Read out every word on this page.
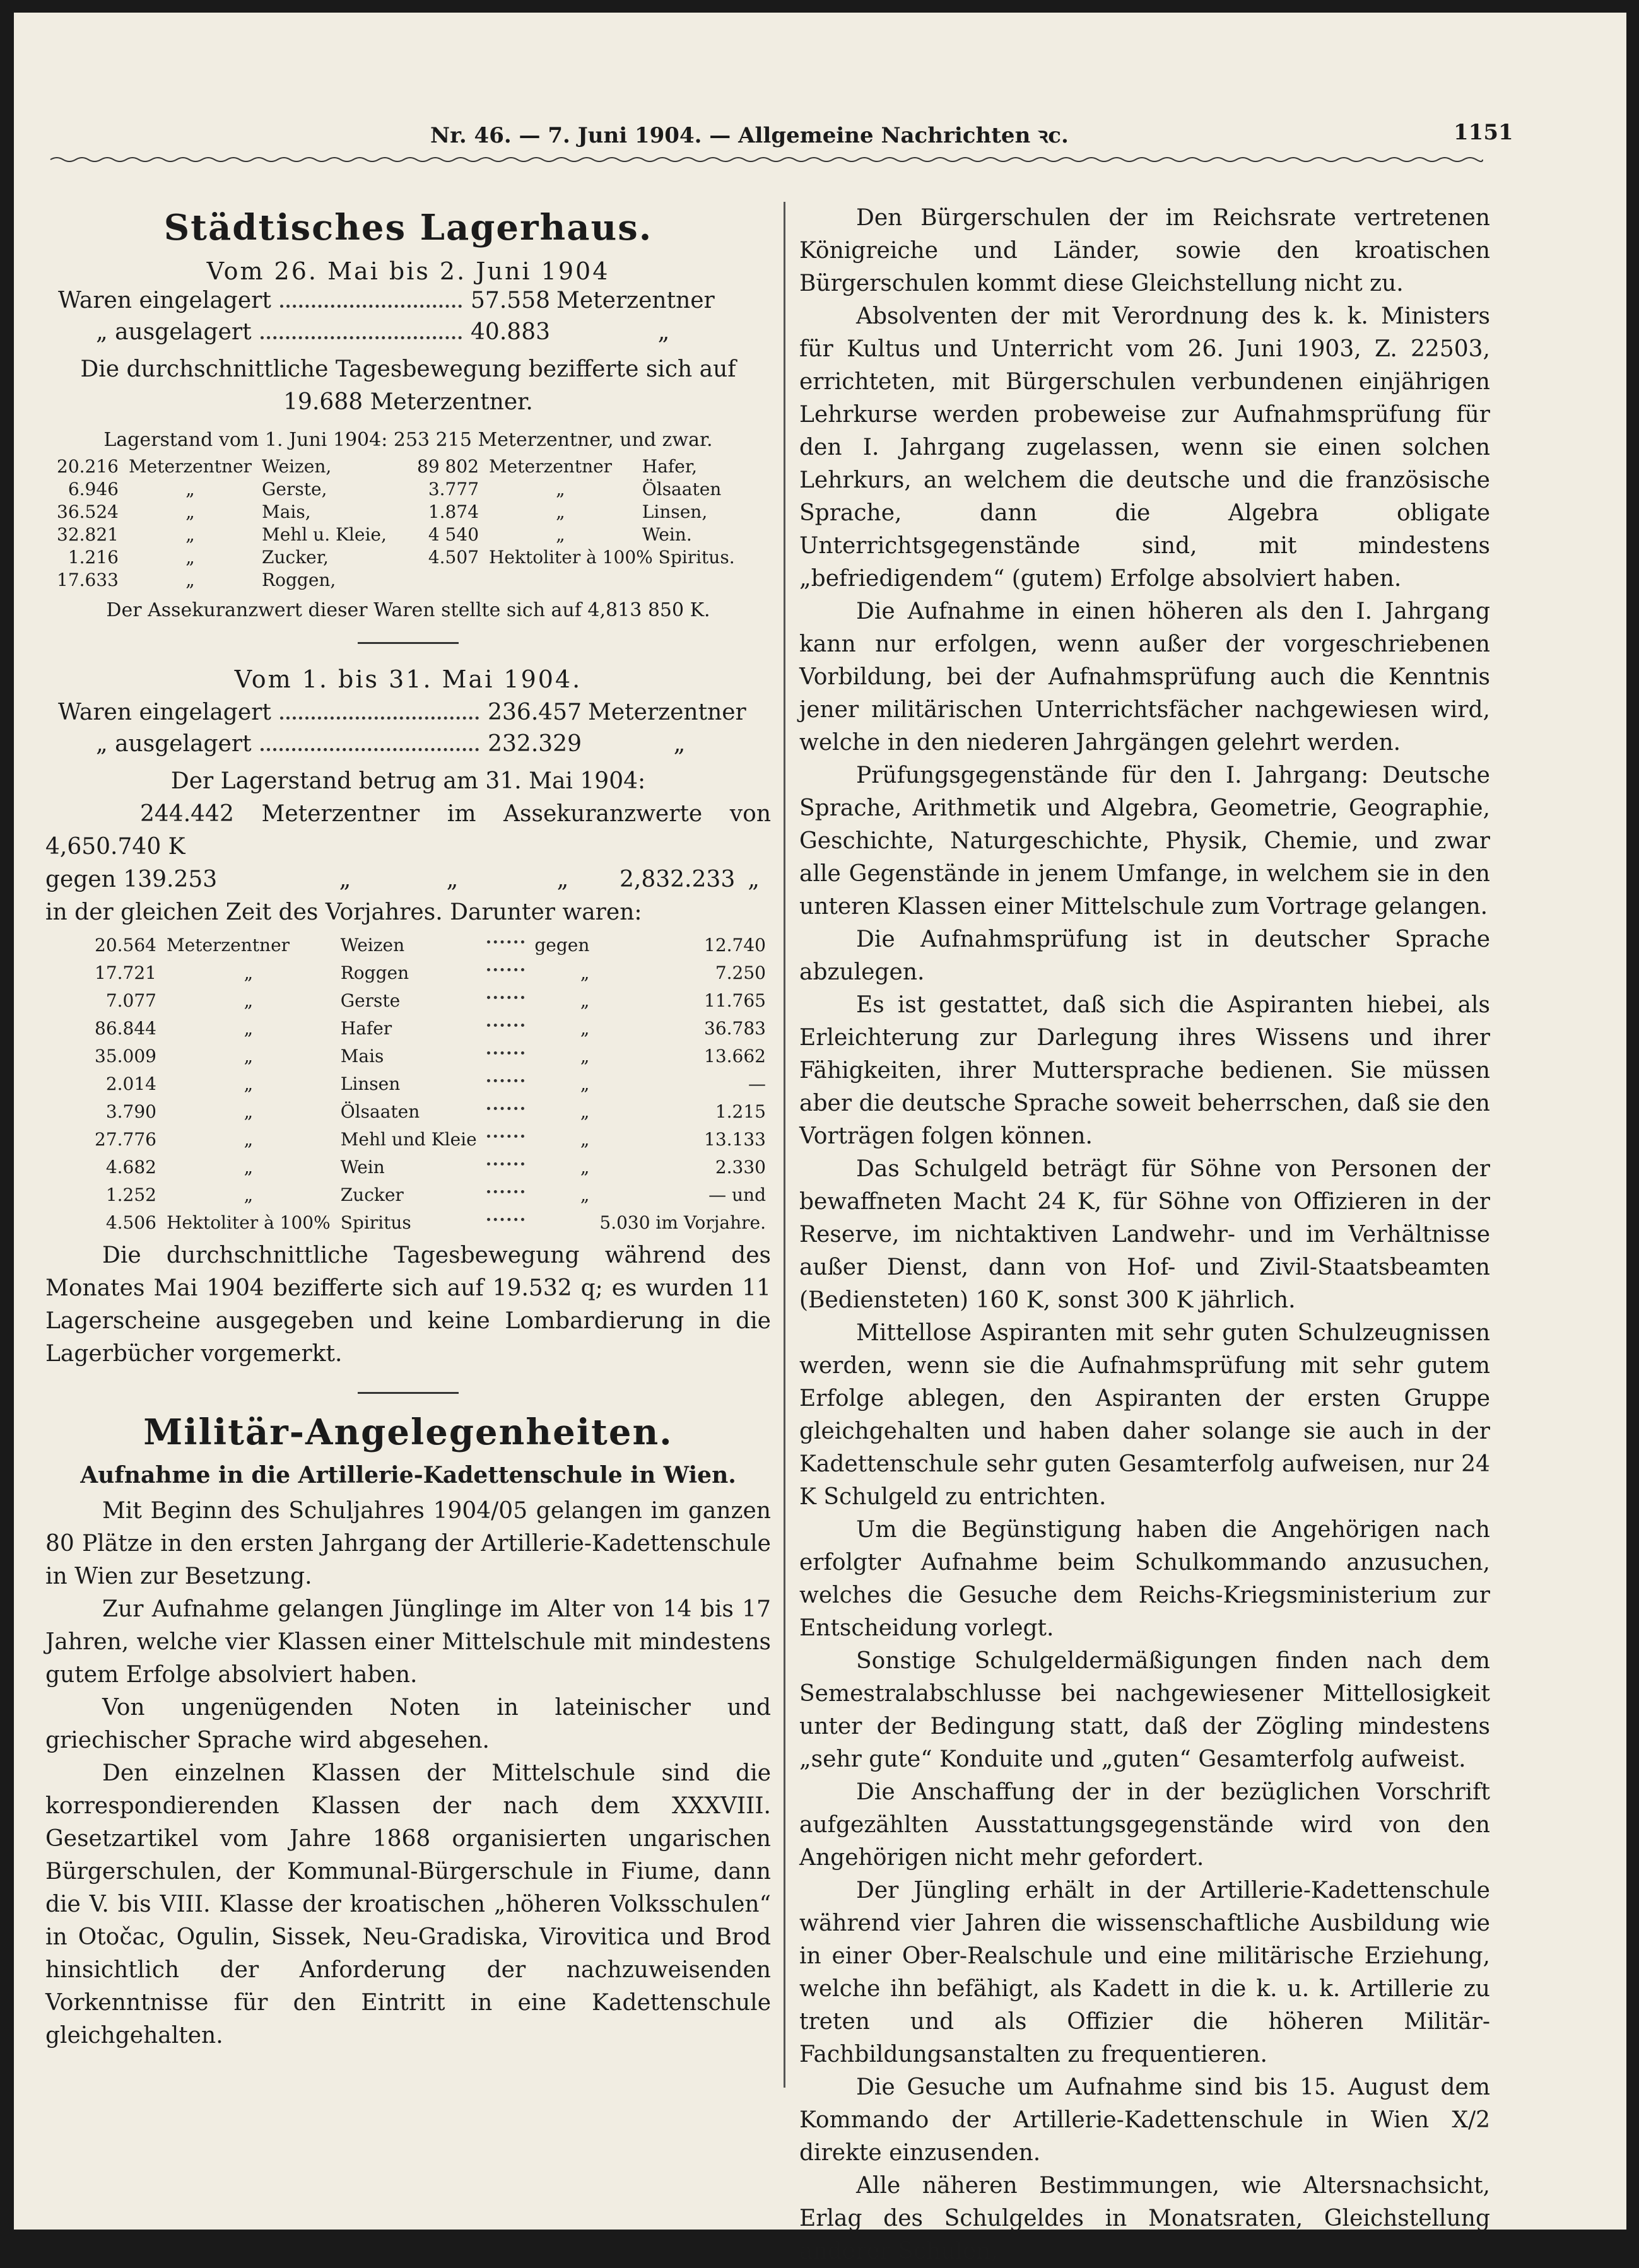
Nr. 46. — 7. Juni 1904. — Allgemeine Nachrichten ꝛc.	1151
Städtisches Lagerhaus.

Vom 26. Mai bis 2. Juni 1904

Waren eingelagert	57.558 Meterzentner
„ ausgelagert	40.883	„

Die durchschnittliche Tagesbewegung bezifferte sich auf

19.688 Meterzentner.

Lagerstand vom 1. Juni 1904: 253 215 Meterzentner, und zwar.

20.216	Meterzentner	Weizen,	89 802	Meterzentner	Hafer,
6.946	„	Gerste,	3.777	„	Ölsaaten
36.524	„	Mais,	1.874	„	Linsen,
32.821	„	Mehl u. Kleie,	4 540	„	Wein.
1.216	„	Zucker,	4.507	Hektoliter à 100% Spiritus.	
17.633	„	Roggen,			

Der Assekuranzwert dieser Waren stellte sich auf 4,813 850 K.

Vom 1. bis 31. Mai 1904.

Waren eingelagert	236.457 Meterzentner
„ ausgelagert	232.329	„

Der Lagerstand betrug am 31. Mai 1904:

244.442 Meterzentner im Assekuranzwerte von 4,650.740 K

gegen 139.253	„	„	„	2,832.233 „

in der gleichen Zeit des Vorjahres. Darunter waren:

20.564	Meterzentner	Weizen		gegen	12.740
17.721	„	Roggen		„	7.250
7.077	„	Gerste		„	11.765
86.844	„	Hafer		„	36.783
35.009	„	Mais		„	13.662
2.014	„	Linsen		„	—
3.790	„	Ölsaaten		„	1.215
27.776	„	Mehl und Kleie		„	13.133
4.682	„	Wein		„	2.330
1.252	„	Zucker		„	— und
4.506	Hektoliter à 100%	Spiritus			5.030 im Vorjahre.

Die durchschnittliche Tagesbewegung während des Monates Mai 1904 bezifferte sich auf 19.532 q; es wurden 11 Lagerscheine ausgegeben und keine Lombardierung in die Lagerbücher vorgemerkt.

Militär-Angelegenheiten.

Aufnahme in die Artillerie-Kadettenschule in Wien.

Mit Beginn des Schuljahres 1904/05 gelangen im ganzen 80 Plätze in den ersten Jahrgang der Artillerie-Kadettenschule in Wien zur Besetzung.

Zur Aufnahme gelangen Jünglinge im Alter von 14 bis 17 Jahren, welche vier Klassen einer Mittelschule mit mindestens gutem Erfolge absolviert haben.

Von ungenügenden Noten in lateinischer und griechischer Sprache wird abgesehen.

Den einzelnen Klassen der Mittelschule sind die korrespondierenden Klassen der nach dem XXXVIII. Gesetzartikel vom Jahre 1868 organisierten ungarischen Bürgerschulen, der Kommunal-Bürgerschule in Fiume, dann die V. bis VIII. Klasse der kroatischen „höheren Volksschulen“ in Otočac, Ogulin, Sissek, Neu-Gradiska, Virovitica und Brod hinsichtlich der Anforderung der nachzuweisenden Vorkenntnisse für den Eintritt in eine Kadettenschule gleichgehalten.

Den Bürgerschulen der im Reichsrate vertretenen Königreiche und Länder, sowie den kroatischen Bürgerschulen kommt diese Gleichstellung nicht zu.

Absolventen der mit Verordnung des k. k. Ministers für Kultus und Unterricht vom 26. Juni 1903, Z. 22503, errichteten, mit Bürgerschulen verbundenen einjährigen Lehrkurse werden probeweise zur Aufnahmsprüfung für den I. Jahrgang zugelassen, wenn sie einen solchen Lehrkurs, an welchem die deutsche und die französische Sprache, dann die Algebra obligate Unterrichtsgegenstände sind, mit mindestens „befriedigendem“ (gutem) Erfolge absolviert haben.

Die Aufnahme in einen höheren als den I. Jahrgang kann nur erfolgen, wenn außer der vorgeschriebenen Vorbildung, bei der Aufnahmsprüfung auch die Kenntnis jener militärischen Unterrichtsfächer nachgewiesen wird, welche in den niederen Jahrgängen gelehrt werden.

Prüfungsgegenstände für den I. Jahrgang: Deutsche Sprache, Arithmetik und Algebra, Geometrie, Geographie, Geschichte, Naturgeschichte, Physik, Chemie, und zwar alle Gegenstände in jenem Umfange, in welchem sie in den unteren Klassen einer Mittelschule zum Vortrage gelangen.

Die Aufnahmsprüfung ist in deutscher Sprache abzulegen.

Es ist gestattet, daß sich die Aspiranten hiebei, als Erleichterung zur Darlegung ihres Wissens und ihrer Fähigkeiten, ihrer Muttersprache bedienen. Sie müssen aber die deutsche Sprache soweit beherrschen, daß sie den Vorträgen folgen können.

Das Schulgeld beträgt für Söhne von Personen der bewaffneten Macht 24 K, für Söhne von Offizieren in der Reserve, im nichtaktiven Landwehr- und im Verhältnisse außer Dienst, dann von Hof- und Zivil-Staatsbeamten (Bediensteten) 160 K, sonst 300 K jährlich.

Mittellose Aspiranten mit sehr guten Schulzeugnissen werden, wenn sie die Aufnahmsprüfung mit sehr gutem Erfolge ablegen, den Aspiranten der ersten Gruppe gleichgehalten und haben daher solange sie auch in der Kadettenschule sehr guten Gesamterfolg aufweisen, nur 24 K Schulgeld zu entrichten.

Um die Begünstigung haben die Angehörigen nach erfolgter Aufnahme beim Schulkommando anzusuchen, welches die Gesuche dem Reichs-Kriegsministerium zur Entscheidung vorlegt.

Sonstige Schulgeldermäßigungen finden nach dem Semestralabschlusse bei nachgewiesener Mittellosigkeit unter der Bedingung statt, daß der Zögling mindestens „sehr gute“ Konduite und „guten“ Gesamterfolg aufweist.

Die Anschaffung der in der bezüglichen Vorschrift aufgezählten Ausstattungsgegenstände wird von den Angehörigen nicht mehr gefordert.

Der Jüngling erhält in der Artillerie-Kadettenschule während vier Jahren die wissenschaftliche Ausbildung wie in einer Ober-Realschule und eine militärische Erziehung, welche ihn befähigt, als Kadett in die k. u. k. Artillerie zu treten und als Offizier die höheren Militär-Fachbildungsanstalten zu frequentieren.

Die Gesuche um Aufnahme sind bis 15. August dem Kommando der Artillerie-Kadettenschule in Wien X/2 direkte einzusenden.

Alle näheren Bestimmungen, wie Altersnachsicht, Erlag des Schulgeldes in Monatsraten, Gleichstellung anderer Schulen,
